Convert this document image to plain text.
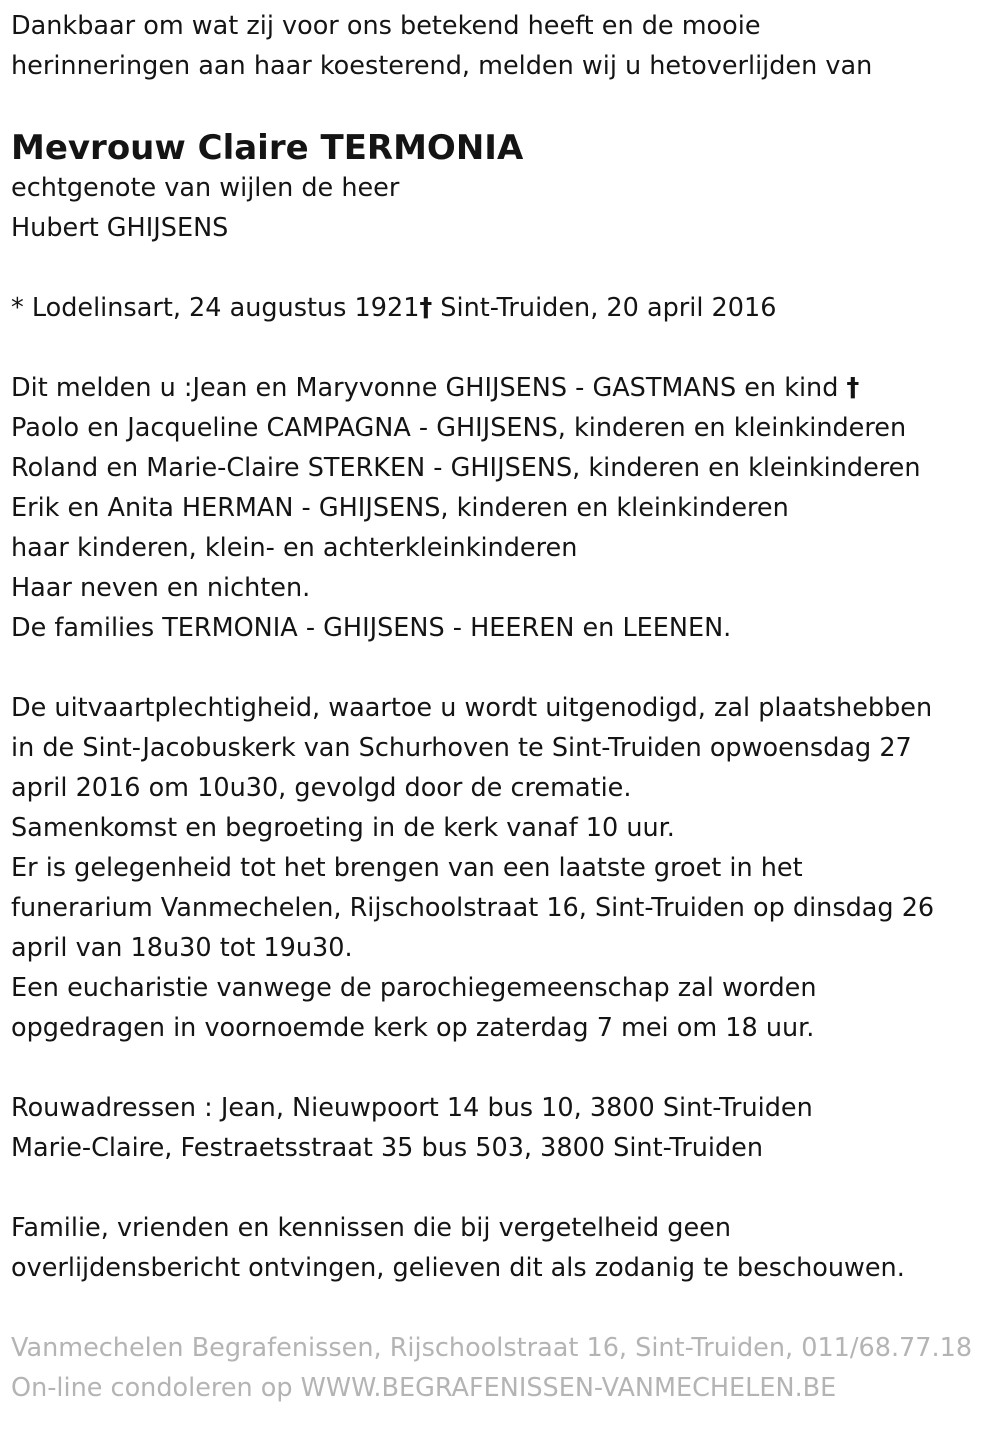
Dankbaar om wat zij voor ons betekend heeft en de mooie
herinneringen aan haar koesterend, melden wij u hetoverlijden van
Mevrouw Claire TERMONIA
echtgenote van wijlen de heer
Hubert GHIJSENS
* Lodelinsart, 24 augustus 1921† Sint-Truiden, 20 april 2016
Dit melden u :Jean en Maryvonne GHIJSENS - GASTMANS en kind †
Paolo en Jacqueline CAMPAGNA - GHIJSENS, kinderen en kleinkinderen
Roland en Marie-Claire STERKEN - GHIJSENS, kinderen en kleinkinderen
Erik en Anita HERMAN - GHIJSENS, kinderen en kleinkinderen
haar kinderen, klein- en achterkleinkinderen
Haar neven en nichten.
De families TERMONIA - GHIJSENS - HEEREN en LEENEN.
De uitvaartplechtigheid, waartoe u wordt uitgenodigd, zal plaatshebben
in de Sint-Jacobuskerk van Schurhoven te Sint-Truiden opwoensdag 27
april 2016 om 10u30, gevolgd door de crematie.
Samenkomst en begroeting in de kerk vanaf 10 uur.
Er is gelegenheid tot het brengen van een laatste groet in het
funerarium Vanmechelen, Rijschoolstraat 16, Sint-Truiden op dinsdag 26
april van 18u30 tot 19u30.
Een eucharistie vanwege de parochiegemeenschap zal worden
opgedragen in voornoemde kerk op zaterdag 7 mei om 18 uur.
Rouwadressen : Jean, Nieuwpoort 14 bus 10, 3800 Sint-Truiden
Marie-Claire, Festraetsstraat 35 bus 503, 3800 Sint-Truiden
Familie, vrienden en kennissen die bij vergetelheid geen
overlijdensbericht ontvingen, gelieven dit als zodanig te beschouwen.
Vanmechelen Begrafenissen, Rijschoolstraat 16, Sint-Truiden, 011/68.77.18
On-line condoleren op WWW.BEGRAFENISSEN-VANMECHELEN.BE
